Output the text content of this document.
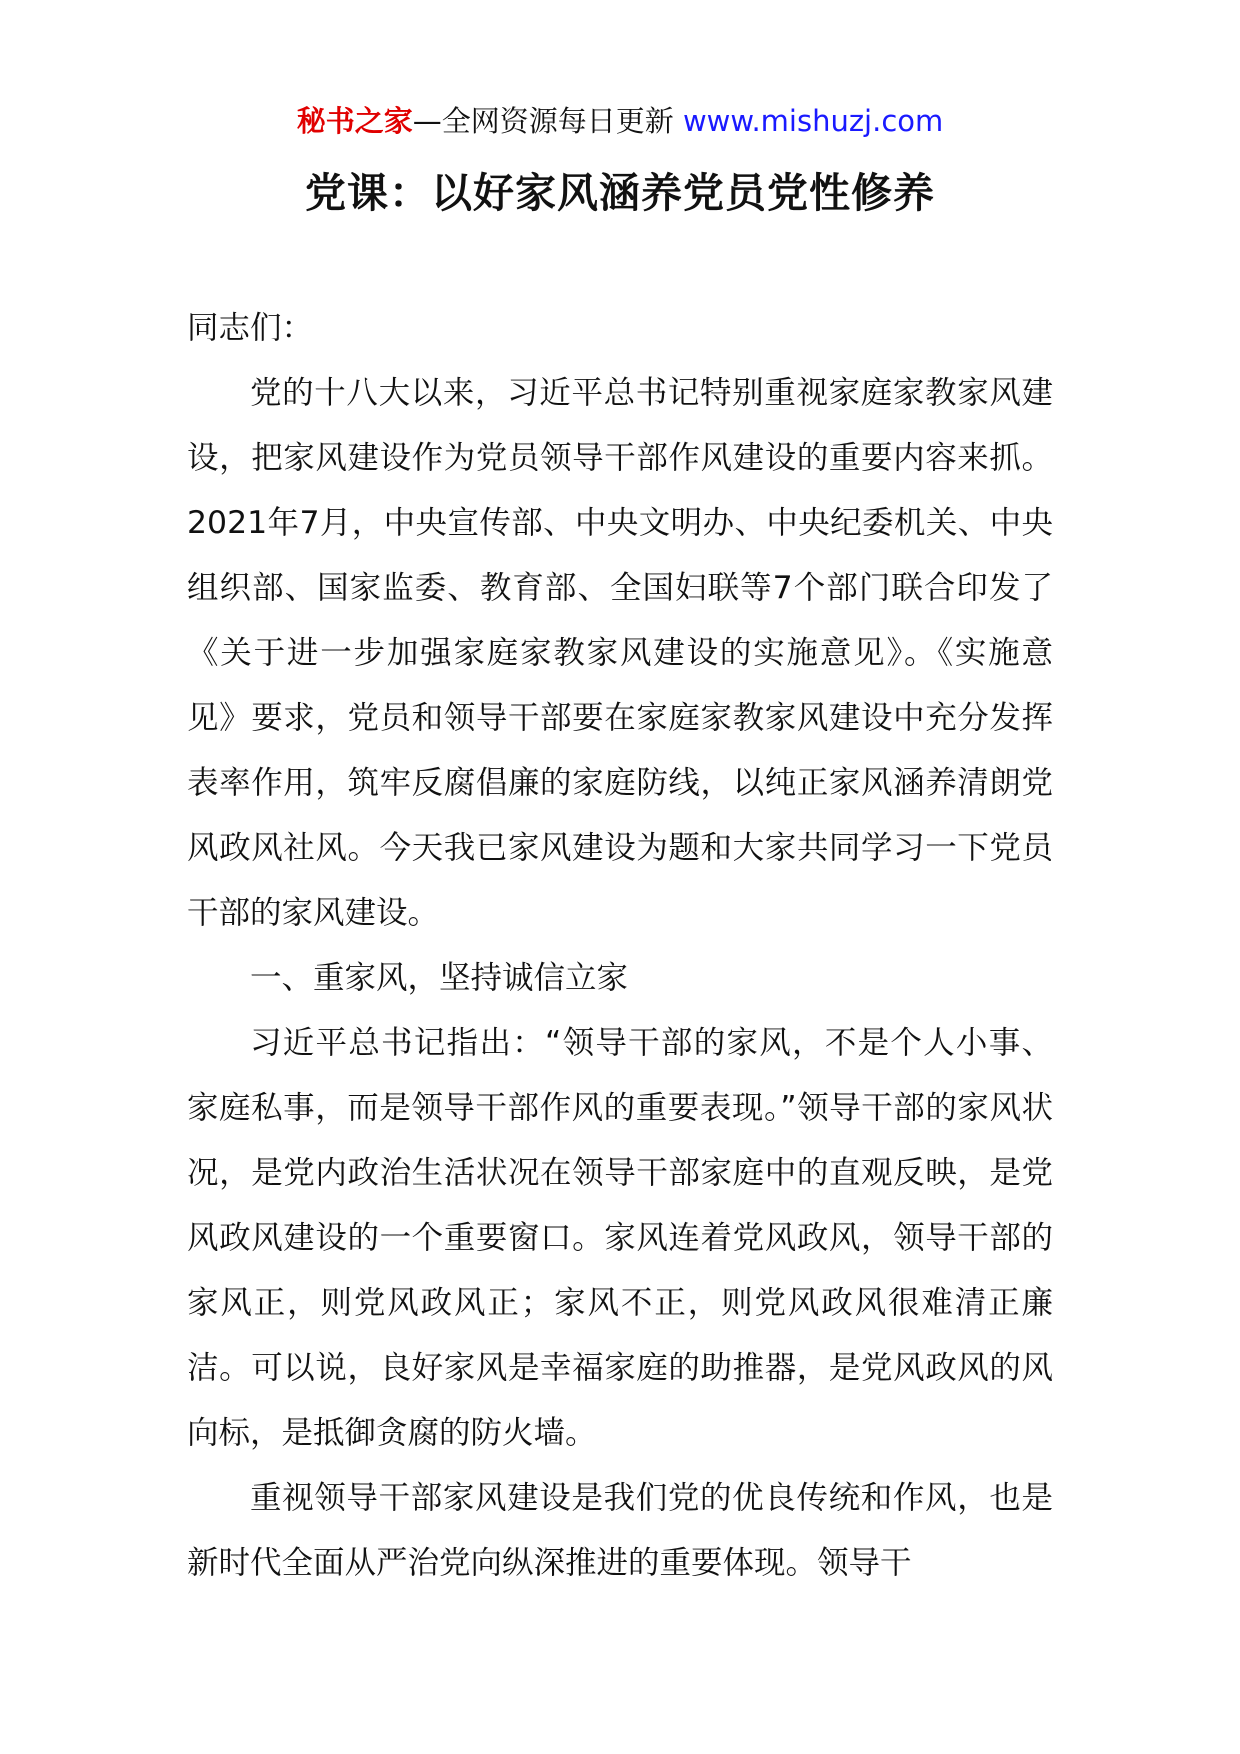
秘书之家—全网资源每日更新 www.mishuzj.com
党课：以好家风涵养党员党性修养

同志们：

党的十八大以来，习近平总书记特别重视家庭家教家风建设，把家风建设作为党员领导干部作风建设的重要内容来抓。2021年7月，中央宣传部、中央文明办、中央纪委机关、中央组织部、国家监委、教育部、全国妇联等7个部门联合印发了《关于进一步加强家庭家教家风建设的实施意见》。《实施意见》要求，党员和领导干部要在家庭家教家风建设中充分发挥表率作用，筑牢反腐倡廉的家庭防线，以纯正家风涵养清朗党风政风社风。今天我已家风建设为题和大家共同学习一下党员干部的家风建设。

一、重家风，坚持诚信立家

习近平总书记指出：“领导干部的家风，不是个人小事、家庭私事，而是领导干部作风的重要表现。”领导干部的家风状况，是党内政治生活状况在领导干部家庭中的直观反映，是党风政风建设的一个重要窗口。家风连着党风政风，领导干部的家风正，则党风政风正；家风不正，则党风政风很难清正廉洁。可以说，良好家风是幸福家庭的助推器，是党风政风的风向标，是抵御贪腐的防火墙。

重视领导干部家风建设是我们党的优良传统和作风，也是新时代全面从严治党向纵深推进的重要体现。领导干
